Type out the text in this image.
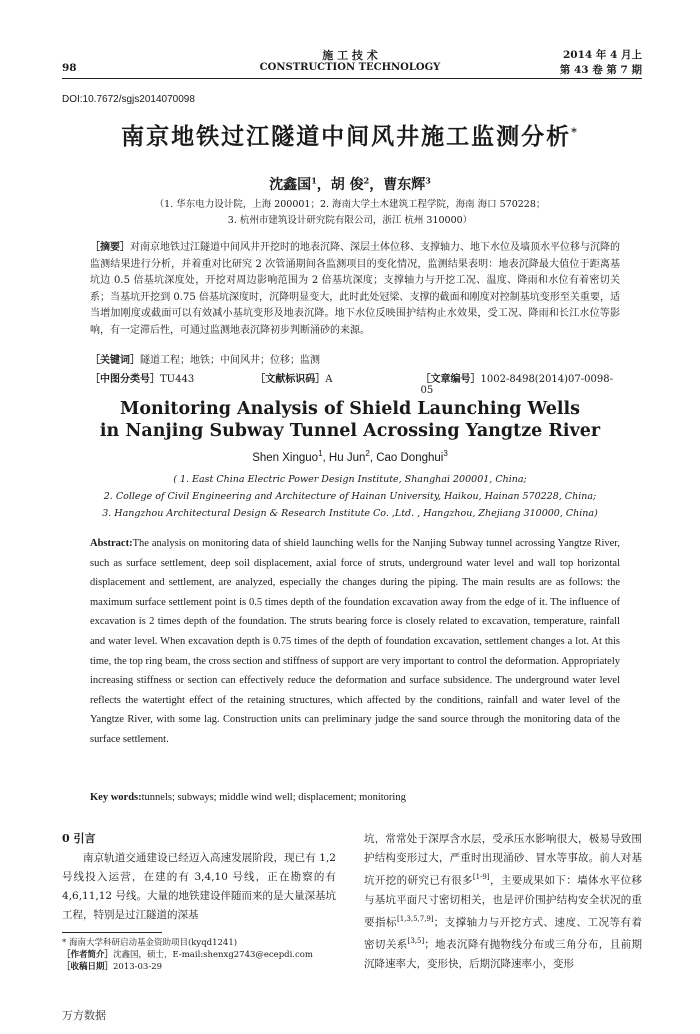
98
施 工 技 术
CONSTRUCTION TECHNOLOGY
2014 年 4 月上
第 43 卷 第 7 期
DOI:10.7672/sgjs2014070098
南京地铁过江隧道中间风井施工监测分析*
沈鑫国$^1$，胡 俊$^2$，曹东辉$^3$
（1. 华东电力设计院，上海 200001；2. 海南大学土木建筑工程学院，海南 海口 570228；
3. 杭州市建筑设计研究院有限公司，浙江 杭州 310000）
［摘要］对南京地铁过江隧道中间风井开挖时的地表沉降、深层土体位移、支撑轴力、地下水位及墙顶水平位移与沉降的监测结果进行分析，并着重对比研究 2 次管涌期间各监测项目的变化情况，监测结果表明：地表沉降最大值位于距离基坑边 0.5 倍基坑深度处，开挖对周边影响范围为 2 倍基坑深度；支撑轴力与开挖工况、温度、降雨和水位有着密切关系；当基坑开挖到 0.75 倍基坑深度时，沉降明显变大，此时此处冠梁、支撑的截面和刚度对控制基坑变形至关重要，适当增加刚度或截面可以有效减小基坑变形及地表沉降。地下水位反映围护结构止水效果，受工况、降雨和长江水位等影响，有一定滞后性，可通过监测地表沉降初步判断涌砂的来源。
［关键词］隧道工程；地铁；中间风井；位移；监测
［中图分类号］TU443	［文献标识码］A	［文章编号］1002-8498(2014)07-0098-05
Monitoring Analysis of Shield Launching Wells
in Nanjing Subway Tunnel Acrossing Yangtze River
Shen Xinguo$^1$, Hu Jun$^2$, Cao Donghui$^3$
( 1. East China Electric Power Design Institute, Shanghai 200001, China;
2. College of Civil Engineering and Architecture of Hainan University, Haikou, Hainan 570228, China;
3. Hangzhou Architectural Design & Research Institute Co. ,Ltd. , Hangzhou, Zhejiang 310000, China)
Abstract:The analysis on monitoring data of shield launching wells for the Nanjing Subway tunnel acrossing Yangtze River, such as surface settlement, deep soil displacement, axial force of struts, underground water level and wall top horizontal displacement and settlement, are analyzed, especially the changes during the piping. The main results are as follows: the maximum surface settlement point is 0.5 times depth of the foundation excavation away from the edge of it. The influence of excavation is 2 times depth of the foundation. The struts bearing force is closely related to excavation, temperature, rainfall and water level. When excavation depth is 0.75 times of the depth of foundation excavation, settlement changes a lot. At this time, the top ring beam, the cross section and stiffness of support are very important to control the deformation. Appropriately increasing stiffness or section can effectively reduce the deformation and surface subsidence. The underground water level reflects the watertight effect of the retaining structures, which affected by the conditions, rainfall and water level of the Yangtze River, with some lag. Construction units can preliminary judge the sand source through the monitoring data of the surface settlement.
Key words:tunnels; subways; middle wind well; displacement; monitoring
0 引言

南京轨道交通建设已经迈入高速发展阶段，现已有 1,2 号线投入运营，在建的有 3,4,10 号线，正在勘察的有 4,6,11,12 号线。大量的地铁建设伴随而来的是大量深基坑工程，特别是过江隧道的深基

* 海南大学科研启动基金资助项目(kyqd1241)
［作者简介］沈鑫国，硕士，E-mail:shenxg2743@ecepdi.com
［收稿日期］2013-03-29

坑，常常处于深厚含水层，受承压水影响很大，极易导致围护结构变形过大，严重时出现涌砂、冒水等事故。前人对基坑开挖的研究已有很多[1-9]，主要成果如下：墙体水平位移与基坑平面尺寸密切相关，也是评价围护结构安全状况的重要指标[1,3,5,7,9]；支撑轴力与开挖方式、速度、工况等有着密切关系[3,5]；地表沉降有抛物线分布或三角分布，且前期沉降速率大，变形快，后期沉降速率小，变形

万方数据
